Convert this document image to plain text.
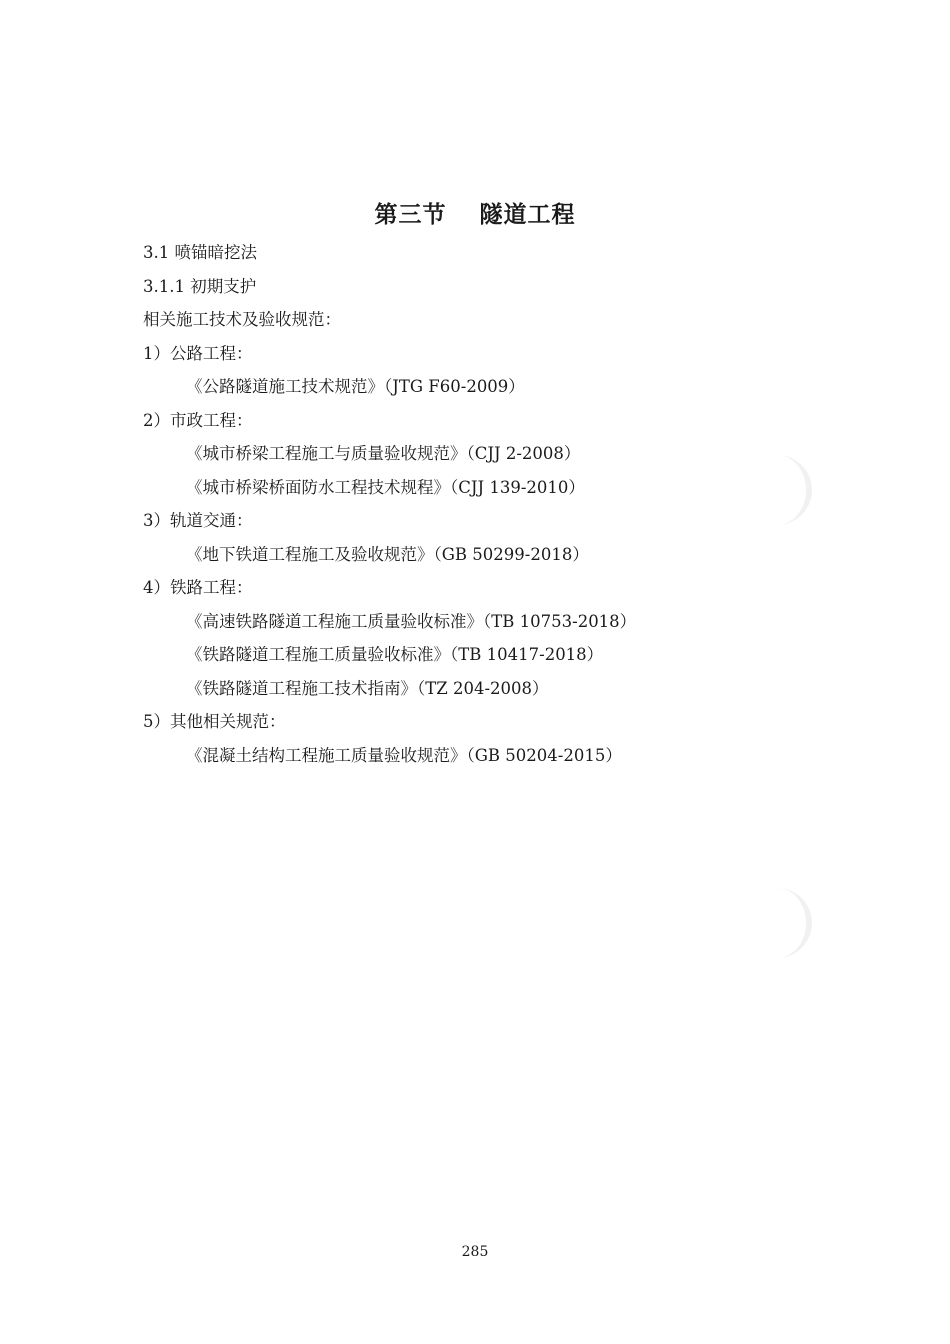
第三节　 隧道工程
3.1 喷锚暗挖法
3.1.1 初期支护
相关施工技术及验收规范：
1）公路工程：
《公路隧道施工技术规范》（JTG F60-2009）
2）市政工程：
《城市桥梁工程施工与质量验收规范》（CJJ 2-2008）
《城市桥梁桥面防水工程技术规程》（CJJ 139-2010）
3）轨道交通：
《地下铁道工程施工及验收规范》（GB 50299-2018）
4）铁路工程：
《高速铁路隧道工程施工质量验收标准》（TB 10753-2018）
《铁路隧道工程施工质量验收标准》（TB 10417-2018）
《铁路隧道工程施工技术指南》（TZ 204-2008）
5）其他相关规范：
《混凝土结构工程施工质量验收规范》（GB 50204-2015）
285
